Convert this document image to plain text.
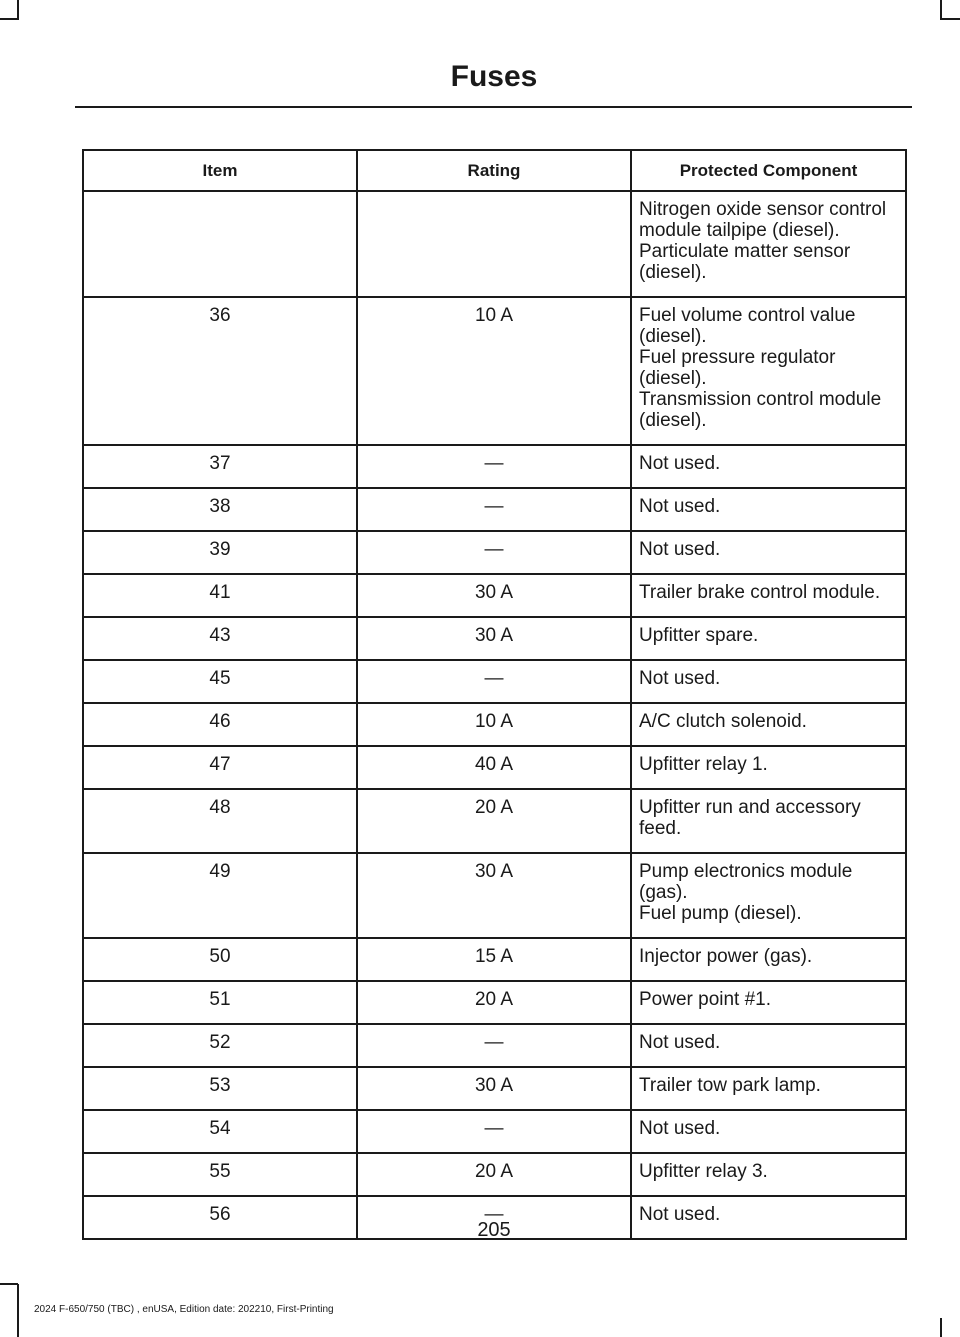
Fuses
Item	Rating	Protected Component

		Nitrogen oxide sensor control module tailpipe (diesel).
Particulate matter sensor (diesel).

36	10 A	Fuel volume control value (diesel).
Fuel pressure regulator (diesel).
Transmission control module (diesel).

37	—	Not used.

38	—	Not used.

39	—	Not used.

41	30 A	Trailer brake control module.

43	30 A	Upfitter spare.

45	—	Not used.

46	10 A	A/C clutch solenoid.

47	40 A	Upfitter relay 1.

48	20 A	Upfitter run and accessory feed.

49	30 A	Pump electronics module (gas).
Fuel pump (diesel).

50	15 A	Injector power (gas).

51	20 A	Power point #1.

52	—	Not used.

53	30 A	Trailer tow park lamp.

54	—	Not used.

55	20 A	Upfitter relay 3.

56	—	Not used.
205
2024 F-650/750 (TBC) , enUSA, Edition date: 202210, First-Printing
